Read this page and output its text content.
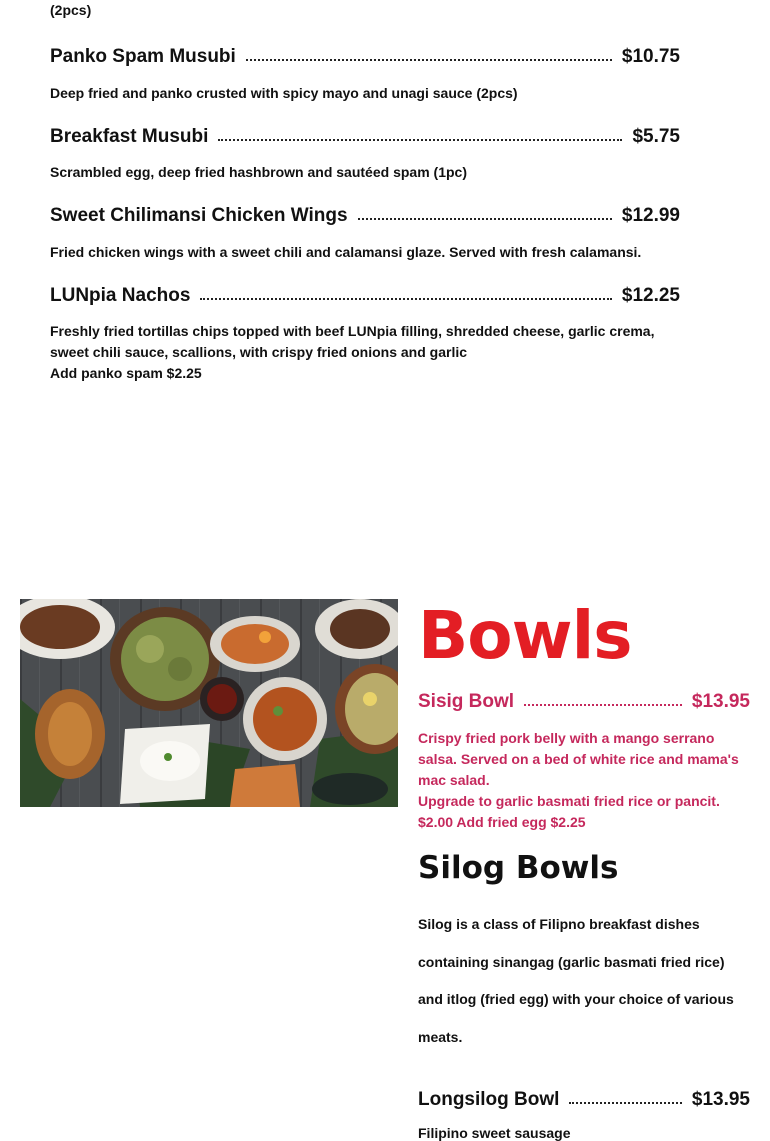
(2pcs)
Panko Spam Musubi	$10.75
Deep fried and panko crusted with spicy mayo and unagi sauce (2pcs)
Breakfast Musubi	$5.75
Scrambled egg, deep fried hashbrown and sautéed spam (1pc)
Sweet Chilimansi Chicken Wings	$12.99
Fried chicken wings with a sweet chili and calamansi glaze. Served with fresh calamansi.
LUNpia Nachos	$12.25
Freshly fried tortillas chips topped with beef LUNpia filling, shredded cheese, garlic crema,
sweet chili sauce, scallions, with crispy fried onions and garlic
Add panko spam $2.25
Bowls
Sisig Bowl	$13.95
Crispy fried pork belly with a mango serrano
salsa. Served on a bed of white rice and mama's
mac salad.
Upgrade to garlic basmati fried rice or pancit.
$2.00 Add fried egg $2.25
Silog Bowls
Silog is a class of Filipno breakfast dishes
containing sinangag (garlic basmati fried rice)
and itlog (fried egg) with your choice of various
meats.
Longsilog Bowl	$13.95
Filipino sweet sausage
